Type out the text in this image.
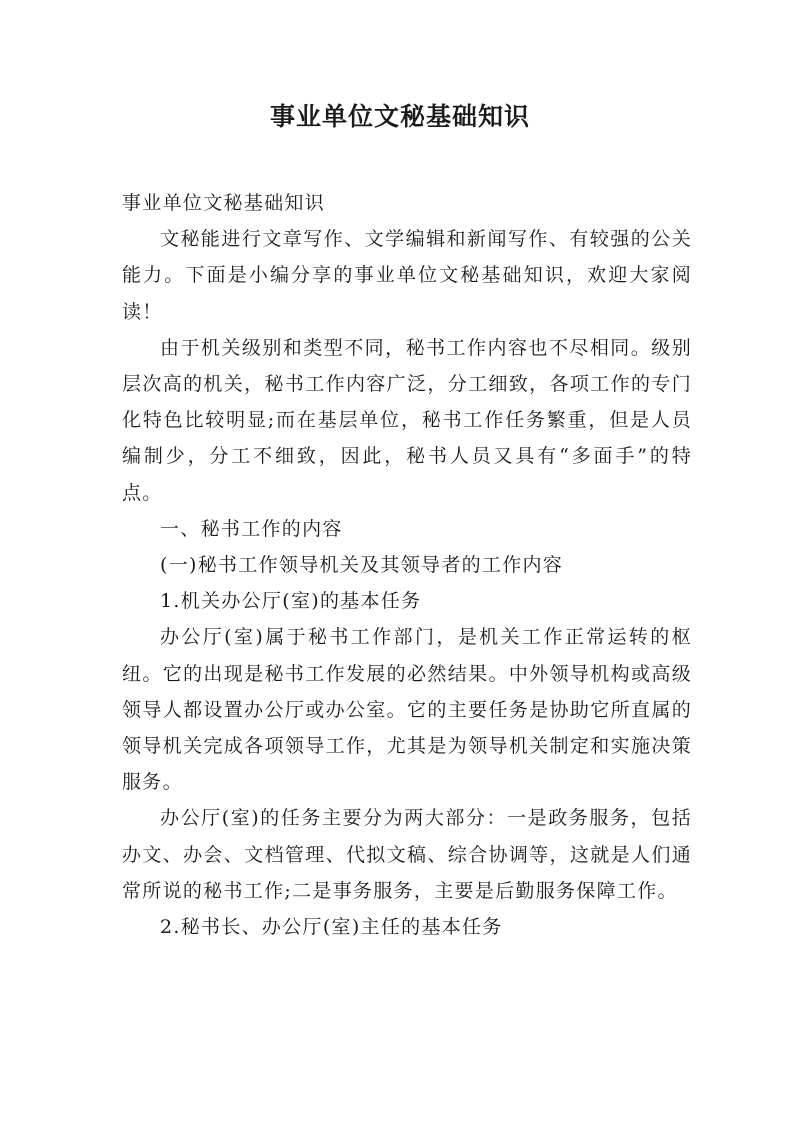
事业单位文秘基础知识

事业单位文秘基础知识

文秘能进行文章写作、文学编辑和新闻写作、有较强的公关能力。下面是小编分享的事业单位文秘基础知识，欢迎大家阅读！

由于机关级别和类型不同，秘书工作内容也不尽相同。级别层次高的机关，秘书工作内容广泛，分工细致，各项工作的专门化特色比较明显;而在基层单位，秘书工作任务繁重，但是人员编制少，分工不细致，因此，秘书人员又具有“多面手”的特点。

一、秘书工作的内容

(一)秘书工作领导机关及其领导者的工作内容

1.机关办公厅(室)的基本任务

办公厅(室)属于秘书工作部门，是机关工作正常运转的枢纽。它的出现是秘书工作发展的必然结果。中外领导机构或高级领导人都设置办公厅或办公室。它的主要任务是协助它所直属的领导机关完成各项领导工作，尤其是为领导机关制定和实施决策服务。

办公厅(室)的任务主要分为两大部分：一是政务服务，包括办文、办会、文档管理、代拟文稿、综合协调等，这就是人们通常所说的秘书工作;二是事务服务，主要是后勤服务保障工作。

2.秘书长、办公厅(室)主任的基本任务
